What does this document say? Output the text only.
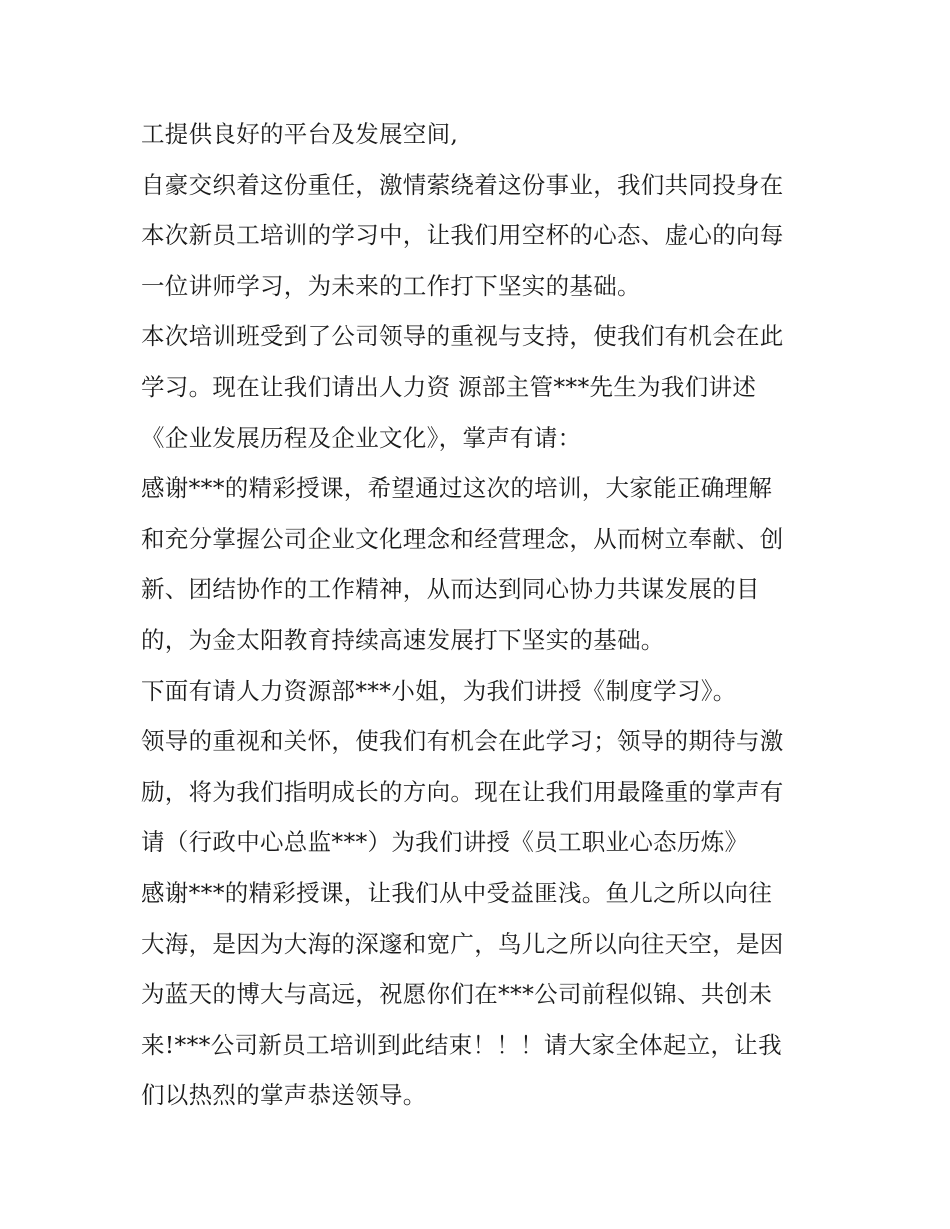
工提供良好的平台及发展空间,
自豪交织着这份重任，激情萦绕着这份事业，我们共同投身在
本次新员工培训的学习中，让我们用空杯的心态、虚心的向每
一位讲师学习，为未来的工作打下坚实的基础。
本次培训班受到了公司领导的重视与支持，使我们有机会在此
学习。现在让我们请出人力资 源部主管***先生为我们讲述
《企业发展历程及企业文化》，掌声有请：
感谢***的精彩授课，希望通过这次的培训，大家能正确理解
和充分掌握公司企业文化理念和经营理念，从而树立奉献、创
新、团结协作的工作精神，从而达到同心协力共谋发展的目
的，为金太阳教育持续高速发展打下坚实的基础。
下面有请人力资源部***小姐，为我们讲授《制度学习》。
领导的重视和关怀，使我们有机会在此学习；领导的期待与激
励，将为我们指明成长的方向。现在让我们用最隆重的掌声有
请（行政中心总监***）为我们讲授《员工职业心态历炼》
感谢***的精彩授课，让我们从中受益匪浅。鱼儿之所以向往
大海，是因为大海的深邃和宽广，鸟儿之所以向往天空，是因
为蓝天的博大与高远，祝愿你们在***公司前程似锦、共创未
来!***公司新员工培训到此结束！！！请大家全体起立，让我
们以热烈的掌声恭送领导。
